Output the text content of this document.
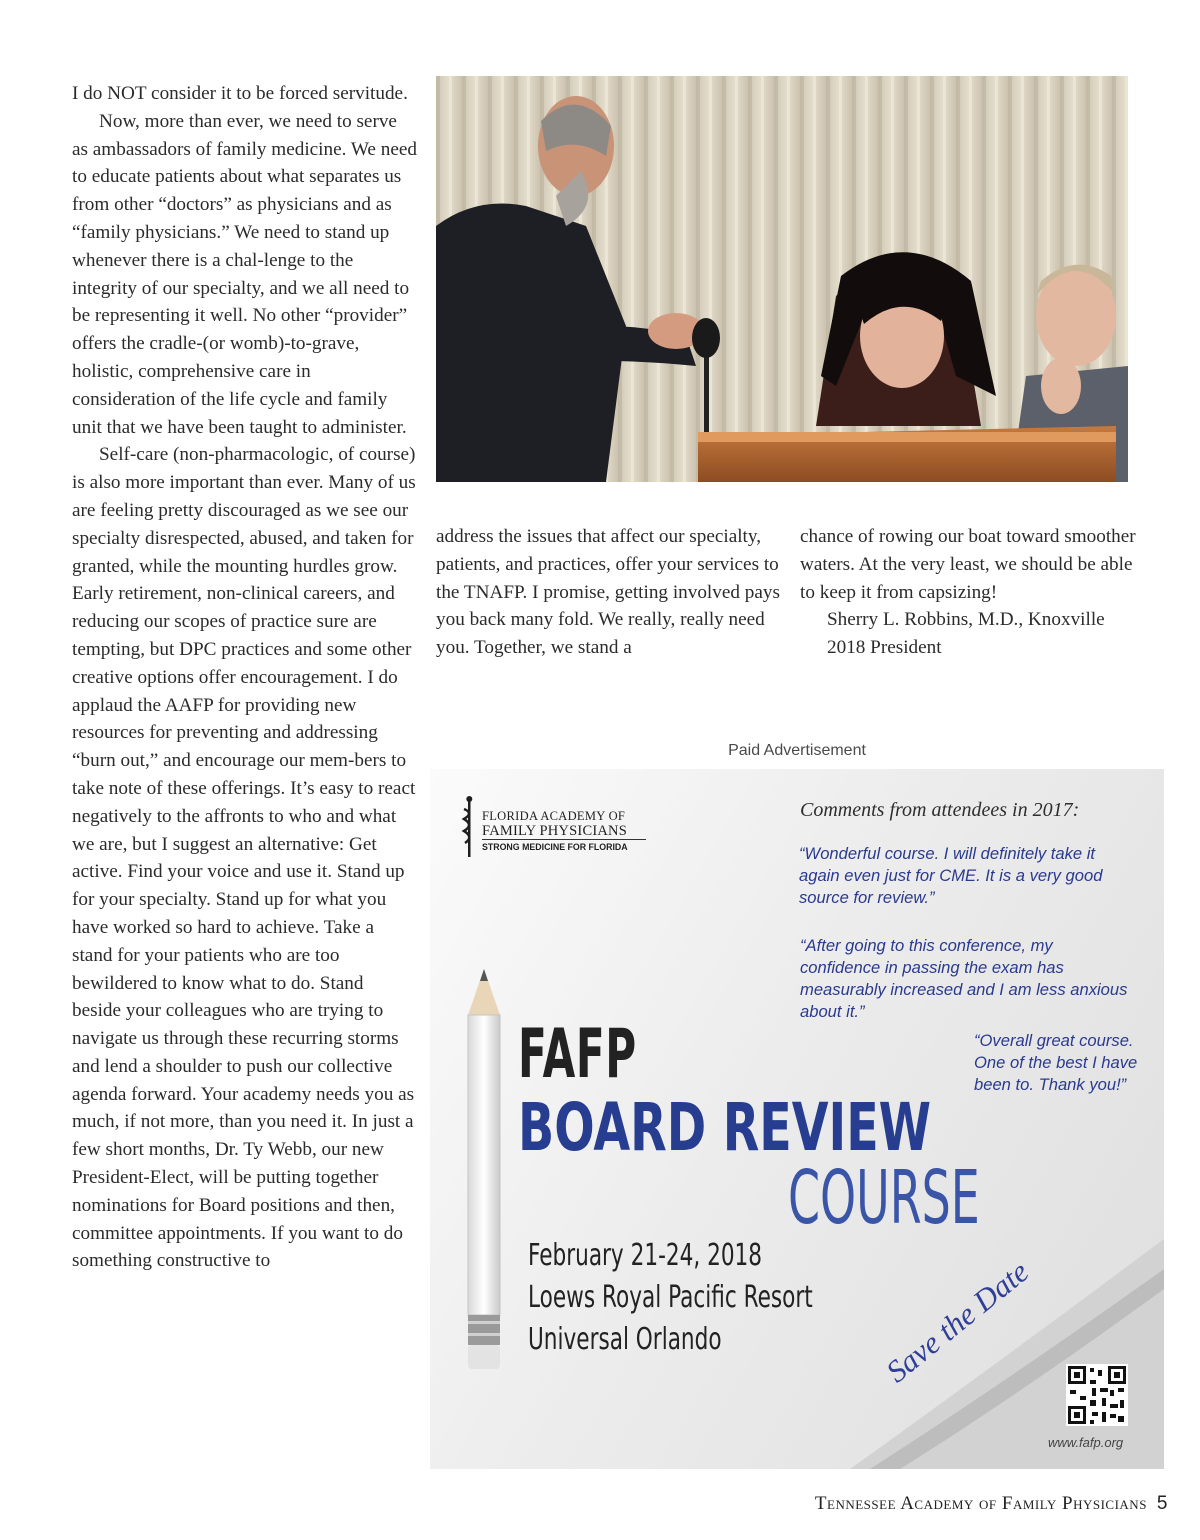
I do NOT consider it to be forced servitude.

Now, more than ever, we need to serve as ambassadors of family medicine. We need to educate patients about what separates us from other “doctors” as physicians and as “family physicians.” We need to stand up whenever there is a chal-lenge to the integrity of our specialty, and we all need to be representing it well. No other “provider” offers the cradle-(or womb)-to-grave, holistic, comprehensive care in consideration of the life cycle and family unit that we have been taught to administer.

Self-care (non-pharmacologic, of course) is also more important than ever. Many of us are feeling pretty discouraged as we see our specialty disrespected, abused, and taken for granted, while the mounting hurdles grow. Early retirement, non-clinical careers, and reducing our scopes of practice sure are tempting, but DPC practices and some other creative options offer encouragement. I do applaud the AAFP for providing new resources for preventing and addressing “burn out,” and encourage our mem-bers to take note of these offerings. It’s easy to react negatively to the affronts to who and what we are, but I suggest an alternative: Get active. Find your voice and use it. Stand up for your specialty. Stand up for what you have worked so hard to achieve. Take a stand for your patients who are too bewildered to know what to do. Stand beside your colleagues who are trying to navigate us through these recurring storms and lend a shoulder to push our collective agenda forward. Your academy needs you as much, if not more, than you need it. In just a few short months, Dr. Ty Webb, our new President-Elect, will be putting together nominations for Board positions and then, committee appointments. If you want to do something constructive to

address the issues that affect our specialty, patients, and practices, offer your services to the TNAFP. I promise, getting involved pays you back many fold. We really, really need you. Together, we stand a

chance of rowing our boat toward smoother waters. At the very least, we should be able to keep it from capsizing!

Sherry L. Robbins, M.D., Knoxville

2018 President

Paid Advertisement
FLORIDA ACADEMY OF
FAMILY PHYSICIANS
STRONG MEDICINE FOR FLORIDA
Comments from attendees in 2017:
“Wonderful course. I will definitely take it again even just for CME. It is a very good source for review.”
“After going to this conference, my confidence in passing the exam has measurably increased and I am less anxious about it.”
“Overall great course. One of the best I have been to. Thank you!”
FAFP
BOARD REVIEW
COURSE
February 21-24, 2018
Loews Royal Pacific Resort
Universal Orlando	Save the Date
www.fafp.org
Tennessee Academy of Family Physicians 5
